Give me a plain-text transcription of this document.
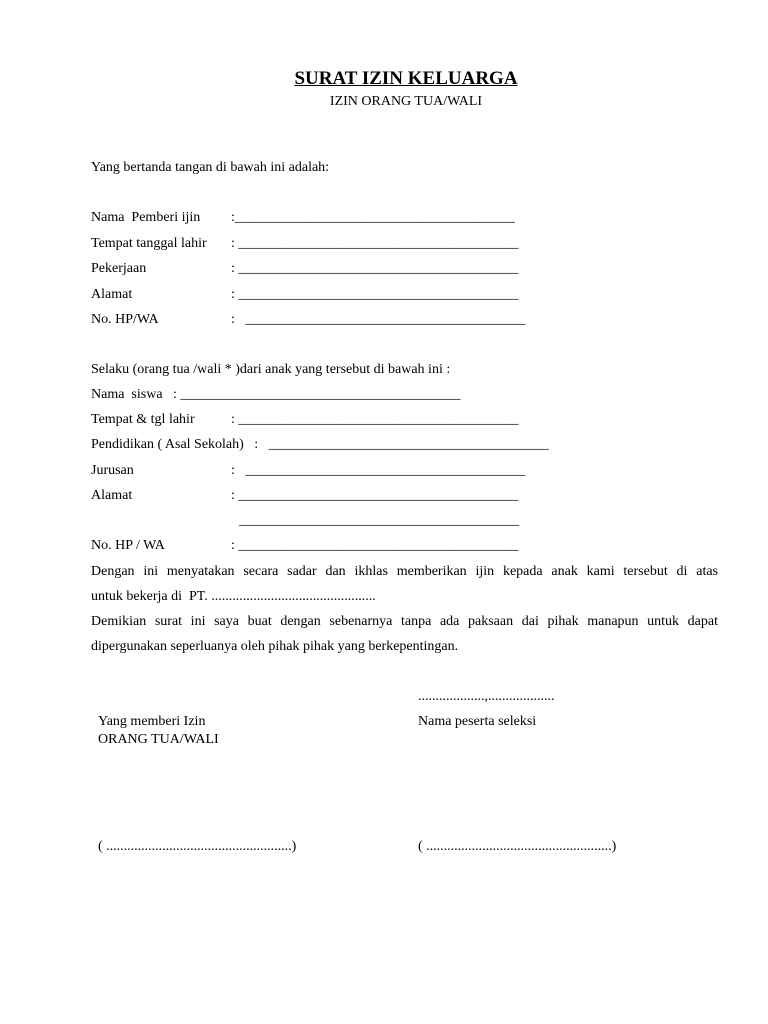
SURAT IZIN KELUARGA
IZIN ORANG TUA/WALI
Yang bertanda tangan di bawah ini adalah:
Nama  Pemberi ijin :________________________________________
Tempat tanggal lahir : ________________________________________
Pekerjaan	: ________________________________________
Alamat	: ________________________________________
No. HP/WA	:   ________________________________________
Selaku (orang tua /wali * )dari anak yang tersebut di bawah ini :
Nama  siswa   : ________________________________________
Tempat & tgl lahir	: ________________________________________
Pendidikan ( Asal Sekolah)   :   ________________________________________
Jurusan	:   ________________________________________
Alamat	: ________________________________________
________________________________________
No. HP / WA	: ________________________________________
Dengan ini menyatakan secara sadar dan ikhlas memberikan ijin kepada anak kami tersebut di atas
untuk bekerja di  PT. ...............................................
Demikian surat ini saya buat dengan sebenarnya tanpa ada paksaan dai pihak manapun untuk dapat
dipergunakan seperluanya oleh pihak pihak yang berkepentingan.
...................,...................
Yang memberi Izin
ORANG TUA/WALI
Nama peserta seleksi
( .....................................................)	( .....................................................)
